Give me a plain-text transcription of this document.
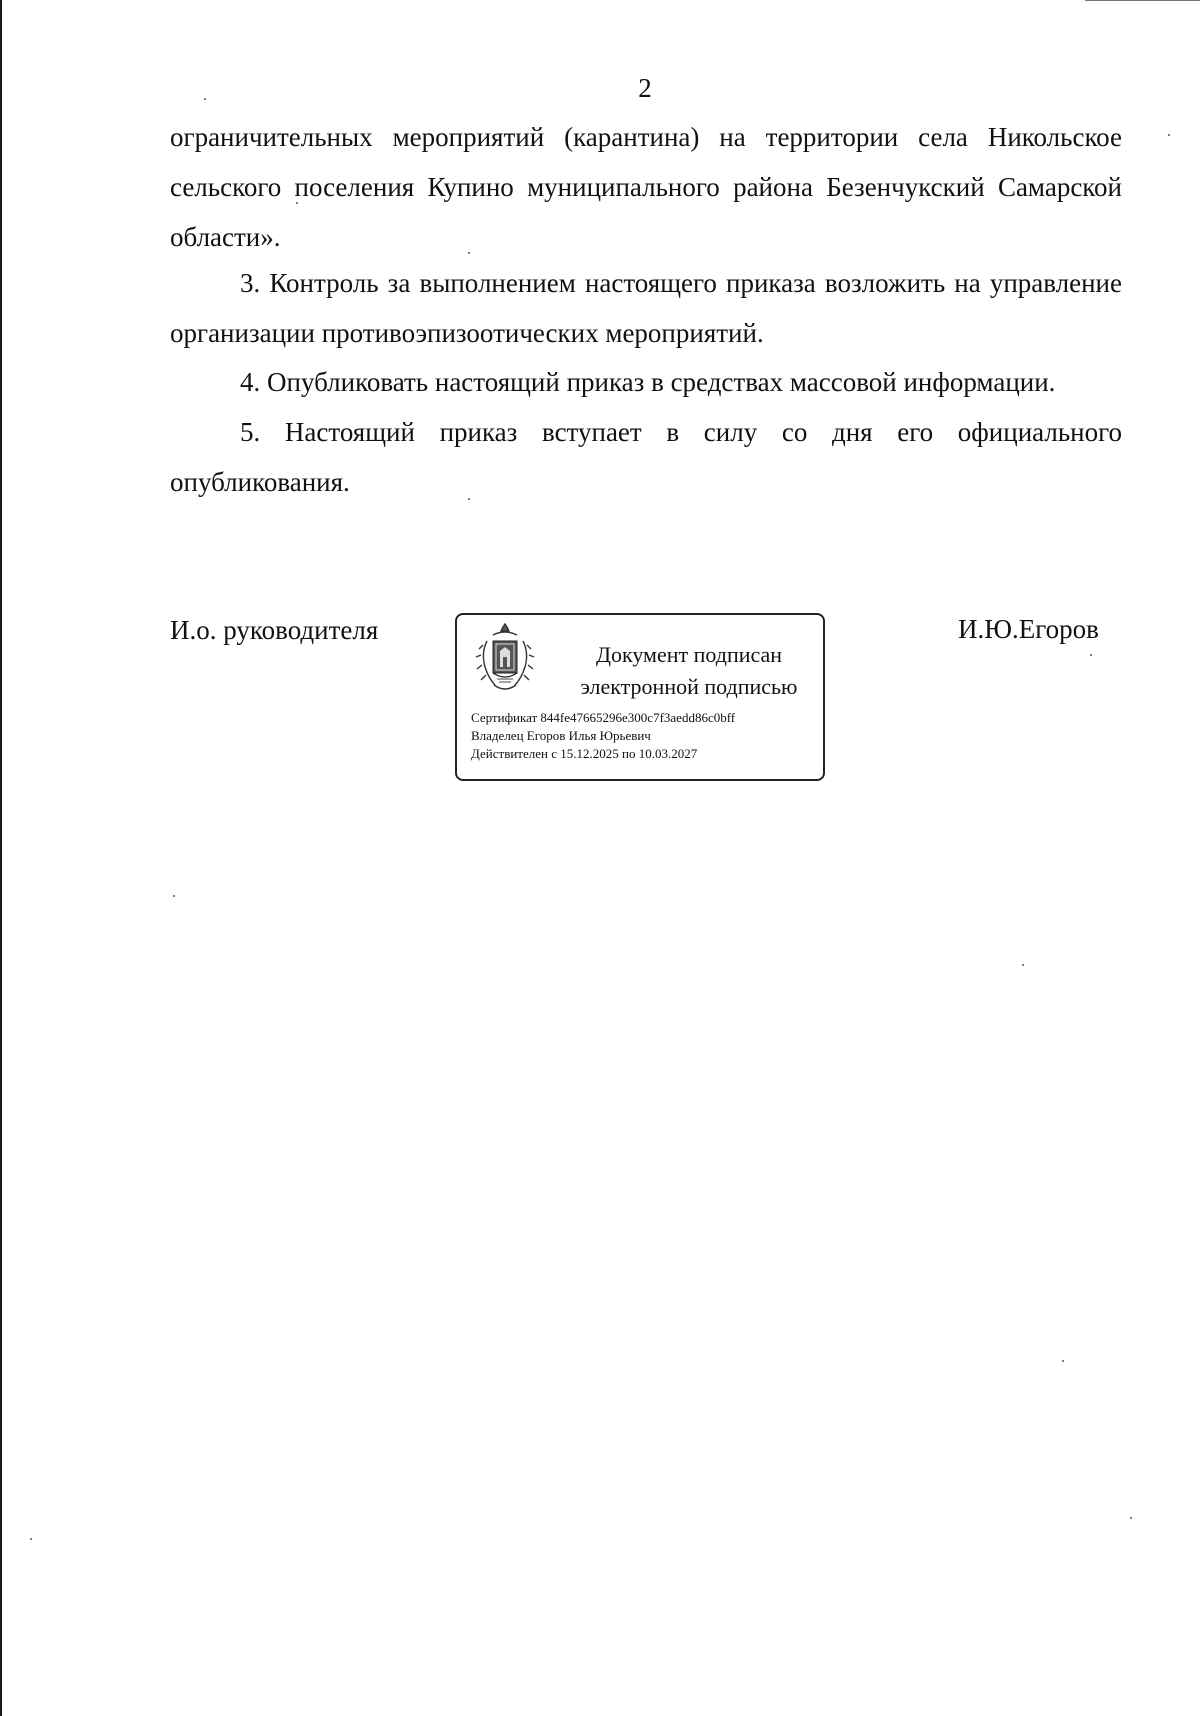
2

ограничительных мероприятий (карантина) на территории села Никольское сельского поселения Купино муниципального района Безенчукский Самарской области».

3. Контроль за выполнением настоящего приказа возложить на управление организации противоэпизоотических мероприятий.

4. Опубликовать настоящий приказ в средствах массовой информации.

5. Настоящий приказ вступает в силу со дня его официального опубликования.

И.о. руководителя	И.Ю.Егоров
Документ подписан
электронной подписью
Сертификат 844fe47665296e300c7f3aedd86c0bff
Владелец Егоров Илья Юрьевич
Действителен с 15.12.2025 по 10.03.2027
